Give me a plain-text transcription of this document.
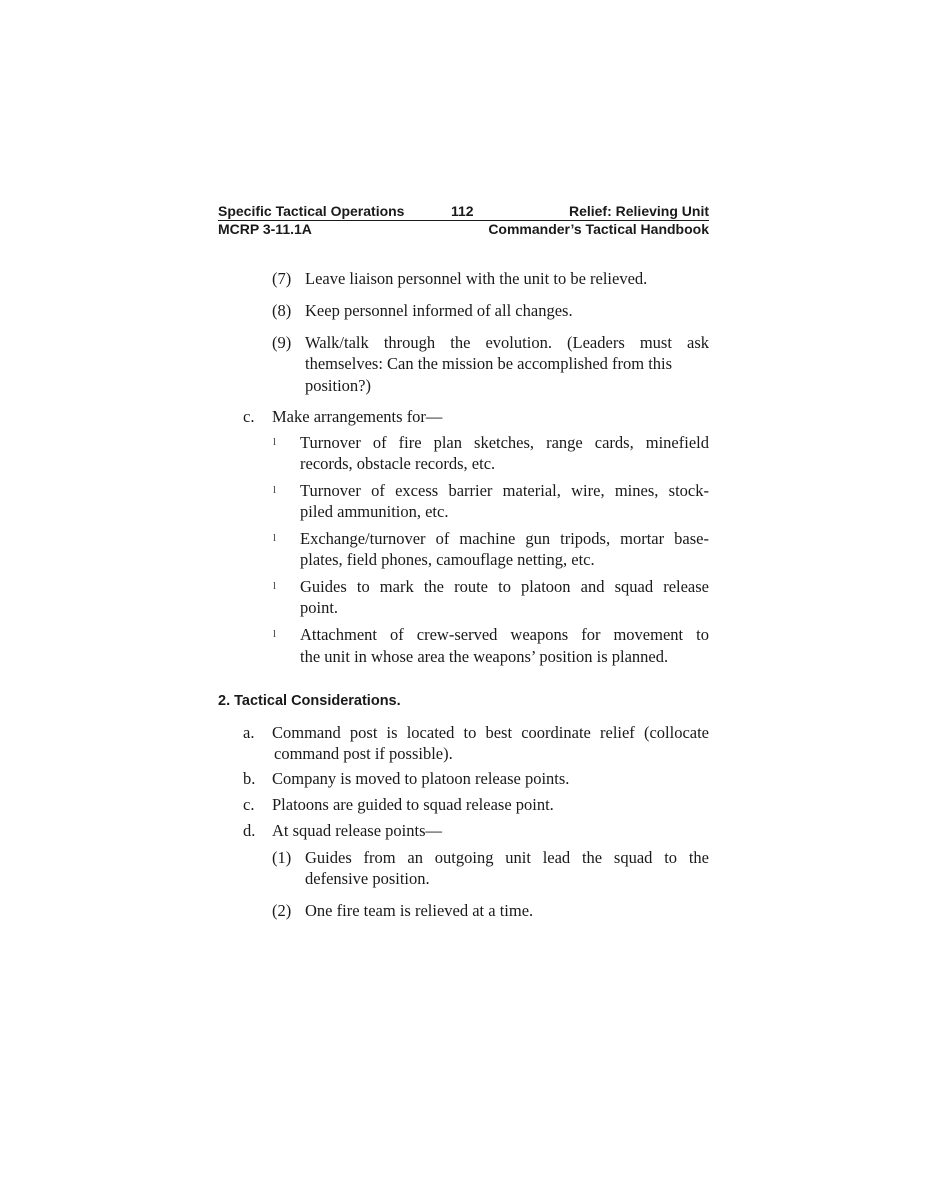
Specific Tactical Operations	112	Relief: Relieving Unit
MCRP 3-11.1A	Commander’s Tactical Handbook
(7) Leave liaison personnel with the unit to be relieved.
(8) Keep personnel informed of all changes.
(9) Walk/talk through the evolution. (Leaders must ask
themselves: Can the mission be accomplished from this
position?)
c. Make arrangements for—
l Turnover of fire plan sketches, range cards, minefield
records, obstacle records, etc.
l Turnover of excess barrier material, wire, mines, stock-
piled ammunition, etc.
l Exchange/turnover of machine gun tripods, mortar base-
plates, field phones, camouflage netting, etc.
l Guides to mark the route to platoon and squad release
point.
l Attachment of crew-served weapons for movement to
the unit in whose area the weapons’ position is planned.
2. Tactical Considerations.
a. Command post is located to best coordinate relief (collocate
command post if possible).
b. Company is moved to platoon release points.
c. Platoons are guided to squad release point.
d. At squad release points—
(1) Guides from an outgoing unit lead the squad to the
defensive position.
(2) One fire team is relieved at a time.
